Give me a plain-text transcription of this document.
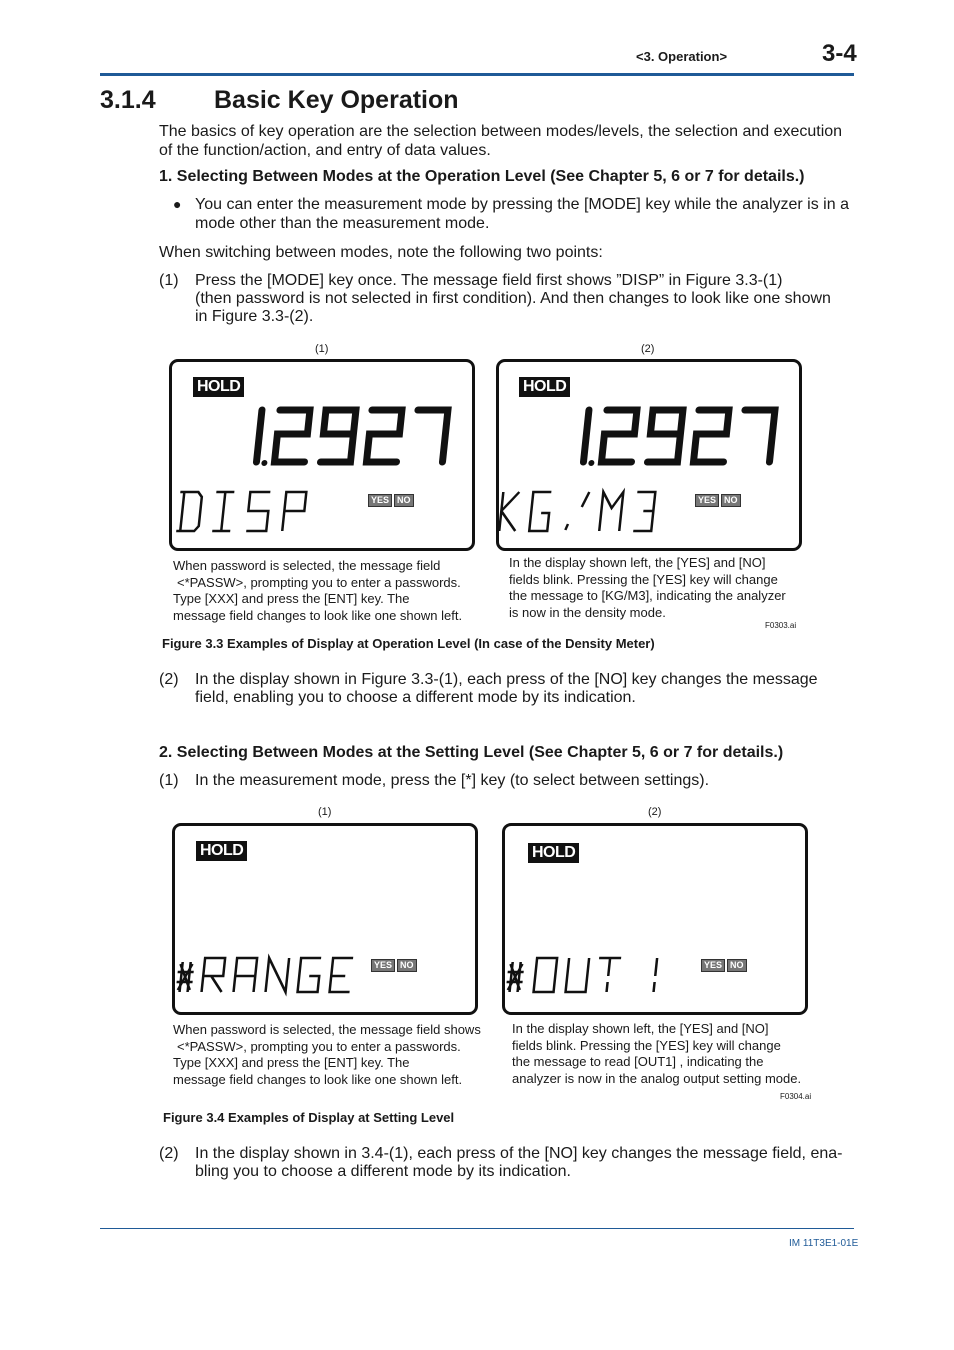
<3. Operation>	3-4
3.1.4 Basic Key Operation
The basics of key operation are the selection between modes/levels, the selection and execution of the function/action, and entry of data values.
1. Selecting Between Modes at the Operation Level (See Chapter 5, 6 or 7 for details.)
● You can enter the measurement mode by pressing the [MODE] key while the analyzer is in a mode other than the measurement mode.
When switching between modes, note the following two points:
(1) Press the [MODE] key once. The message field first shows ”DISP” in Figure 3.3-(1)
(then password is not selected in first condition). And then changes to look like one shown
in Figure 3.3-(2).
(1)	(2)
HOLD
YES NO
HOLD
YES NO
When password is selected, the message field
<*PASSW>, prompting you to enter a passwords.
Type [XXX] and press the [ENT] key. The
message field changes to look like one shown left.
In the display shown left, the [YES] and [NO]
fields blink. Pressing the [YES] key will change
the message to [KG/M3], indicating the analyzer
is now in the density mode.
F0303.ai
Figure 3.3 Examples of Display at Operation Level (In case of the Density Meter)
(2) In the display shown in Figure 3.3-(1), each press of the [NO] key changes the message
field, enabling you to choose a different mode by its indication.
2. Selecting Between Modes at the Setting Level (See Chapter 5, 6 or 7 for details.)
(1) In the measurement mode, press the [*] key (to select between settings).
(1)	(2)
HOLD
YES NO
HOLD
YES NO
When password is selected, the message field shows
<*PASSW>, prompting you to enter a passwords.
Type [XXX] and press the [ENT] key. The
message field changes to look like one shown left.
In the display shown left, the [YES] and [NO]
fields blink. Pressing the [YES] key will change
the message to read [OUT1] , indicating the
analyzer is now in the analog output setting mode.
F0304.ai
Figure 3.4 Examples of Display at Setting Level
(2) In the display shown in 3.4-(1), each press of the [NO] key changes the message field, ena-
bling you to choose a different mode by its indication.
IM 11T3E1-01E
